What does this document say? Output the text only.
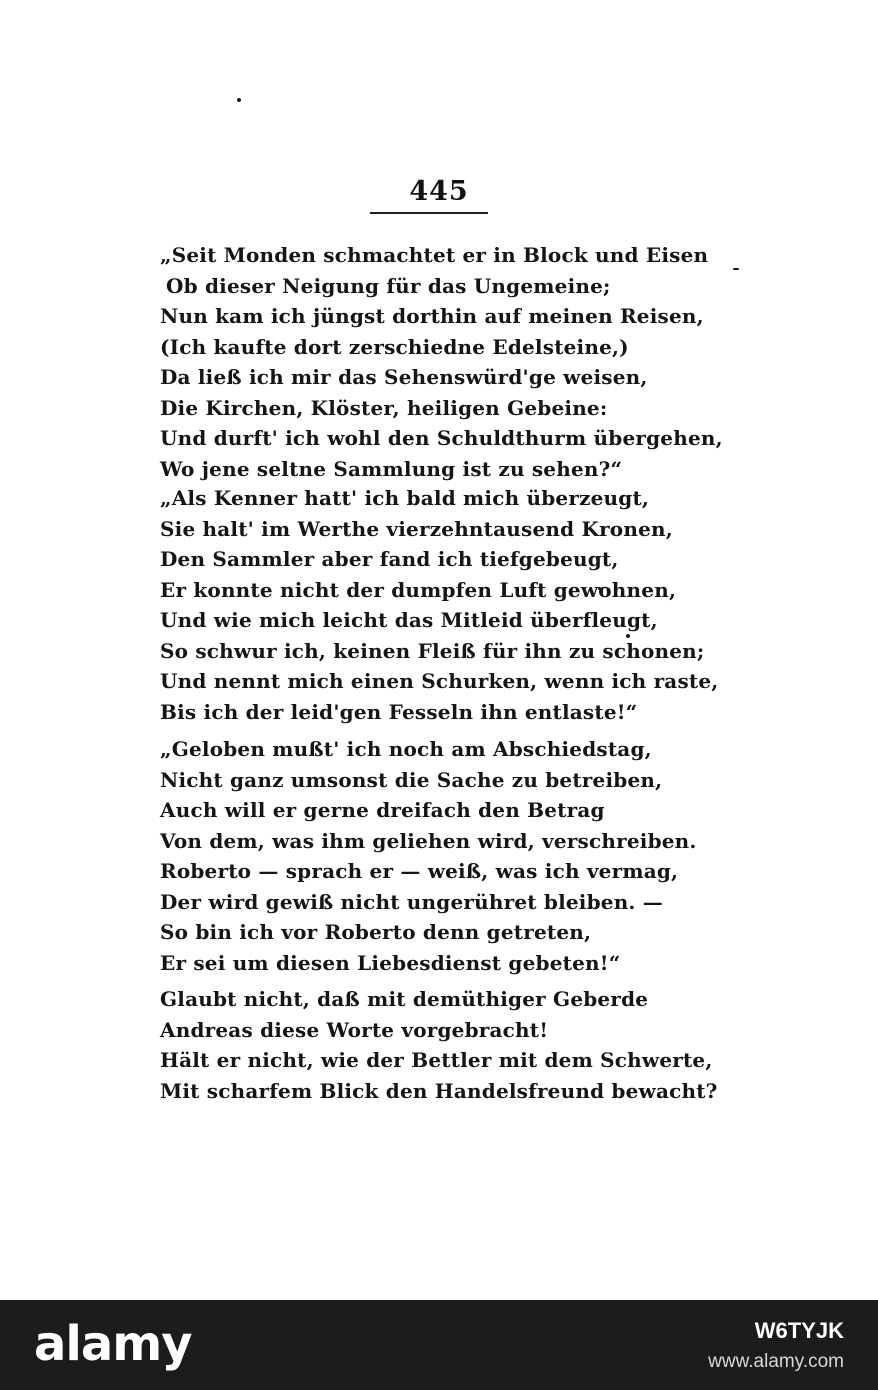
445
„Seit Monden schmachtet er in Block und Eisen
Ob dieser Neigung für das Ungemeine;
Nun kam ich jüngst dorthin auf meinen Reisen,
(Ich kaufte dort zerschiedne Edelsteine,)
Da ließ ich mir das Sehenswürd'ge weisen,
Die Kirchen, Klöster, heiligen Gebeine:
Und durft' ich wohl den Schuldthurm übergehen,
Wo jene seltne Sammlung ist zu sehen?“
„Als Kenner hatt' ich bald mich überzeugt,
Sie halt' im Werthe vierzehntausend Kronen,
Den Sammler aber fand ich tiefgebeugt,
Er konnte nicht der dumpfen Luft gewohnen,
Und wie mich leicht das Mitleid überfleugt,
So schwur ich, keinen Fleiß für ihn zu schonen;
Und nennt mich einen Schurken, wenn ich raste,
Bis ich der leid'gen Fesseln ihn entlaste!“
„Geloben mußt' ich noch am Abschiedstag,
Nicht ganz umsonst die Sache zu betreiben,
Auch will er gerne dreifach den Betrag
Von dem, was ihm geliehen wird, verschreiben.
Roberto — sprach er — weiß, was ich vermag,
Der wird gewiß nicht ungerühret bleiben. —
So bin ich vor Roberto denn getreten,
Er sei um diesen Liebesdienst gebeten!“
Glaubt nicht, daß mit demüthiger Geberde
Andreas diese Worte vorgebracht!
Hält er nicht, wie der Bettler mit dem Schwerte,
Mit scharfem Blick den Handelsfreund bewacht?
alamy	W6TYJK
www.alamy.com
